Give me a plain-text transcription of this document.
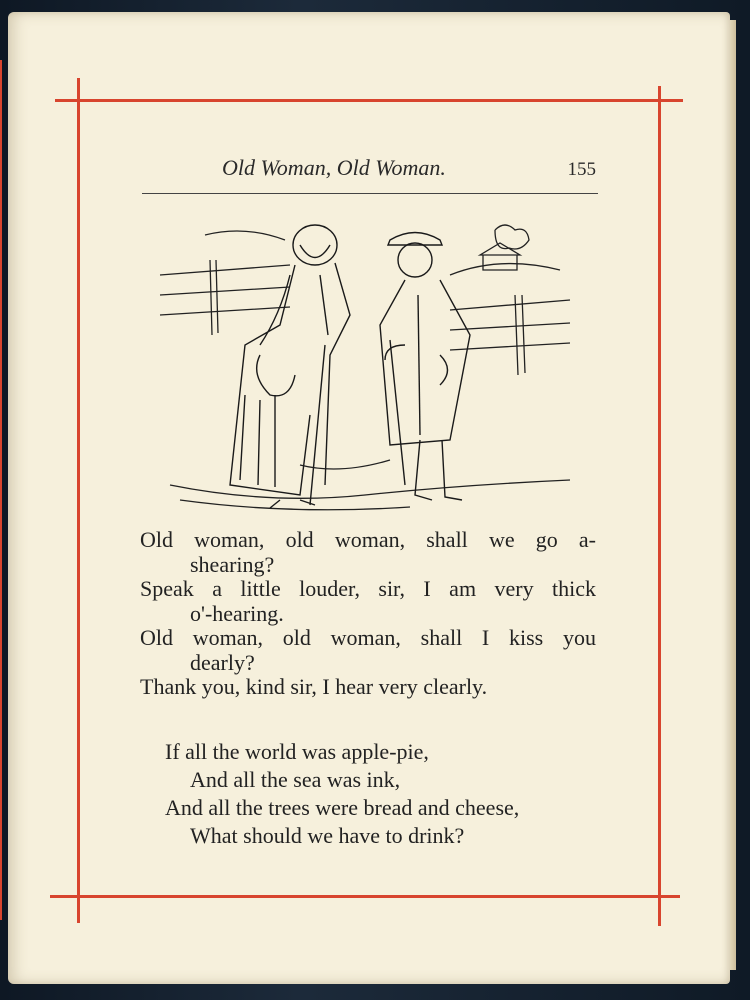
Old Woman, Old Woman.	155
Old woman, old woman, shall we go a-
shearing?
Speak a little louder, sir, I am very thick
o'-hearing.
Old woman, old woman, shall I kiss you
dearly?
Thank you, kind sir, I hear very clearly.
If all the world was apple-pie,
And all the sea was ink,
And all the trees were bread and cheese,
What should we have to drink?
